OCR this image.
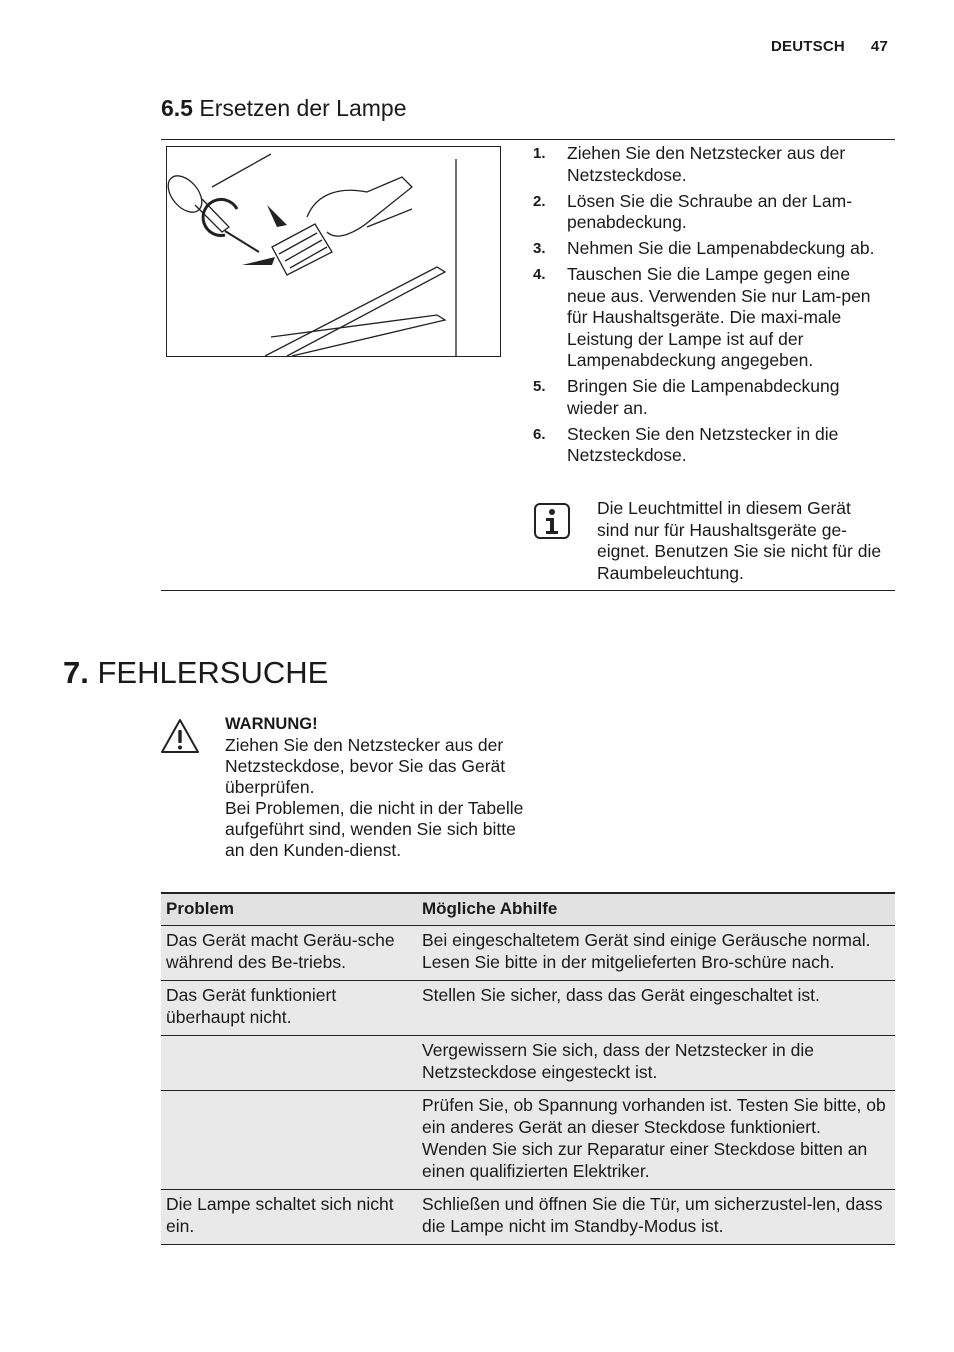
DEUTSCH 47
6.5 Ersetzen der Lampe
1.	Ziehen Sie den Netzstecker aus der Netzsteckdose.
2.	Lösen Sie die Schraube an der Lam-penabdeckung.
3.	Nehmen Sie die Lampenabdeckung ab.
4.	Tauschen Sie die Lampe gegen eine neue aus. Verwenden Sie nur Lam-pen für Haushaltsgeräte. Die maxi-male Leistung der Lampe ist auf der Lampenabdeckung angegeben.
5.	Bringen Sie die Lampenabdeckung wieder an.
6.	Stecken Sie den Netzstecker in die Netzsteckdose.
Die Leuchtmittel in diesem Gerät sind nur für Haushaltsgeräte ge-eignet. Benutzen Sie sie nicht für die Raumbeleuchtung.
7. FEHLERSUCHE
WARNUNG!
Ziehen Sie den Netzstecker aus der Netzsteckdose, bevor Sie das Gerät überprüfen.
Bei Problemen, die nicht in der Tabelle aufgeführt sind, wenden Sie sich bitte an den Kunden-dienst.
Problem	Mögliche Abhilfe
Das Gerät macht Geräu-sche während des Be-triebs.	Bei eingeschaltetem Gerät sind einige Geräusche normal. Lesen Sie bitte in der mitgelieferten Bro-schüre nach.
Das Gerät funktioniert überhaupt nicht.	Stellen Sie sicher, dass das Gerät eingeschaltet ist.
	Vergewissern Sie sich, dass der Netzstecker in die Netzsteckdose eingesteckt ist.
	Prüfen Sie, ob Spannung vorhanden ist. Testen Sie bitte, ob ein anderes Gerät an dieser Steckdose funktioniert. Wenden Sie sich zur Reparatur einer Steckdose bitten an einen qualifizierten Elektriker.
Die Lampe schaltet sich nicht ein.	Schließen und öffnen Sie die Tür, um sicherzustel-len, dass die Lampe nicht im Standby-Modus ist.
